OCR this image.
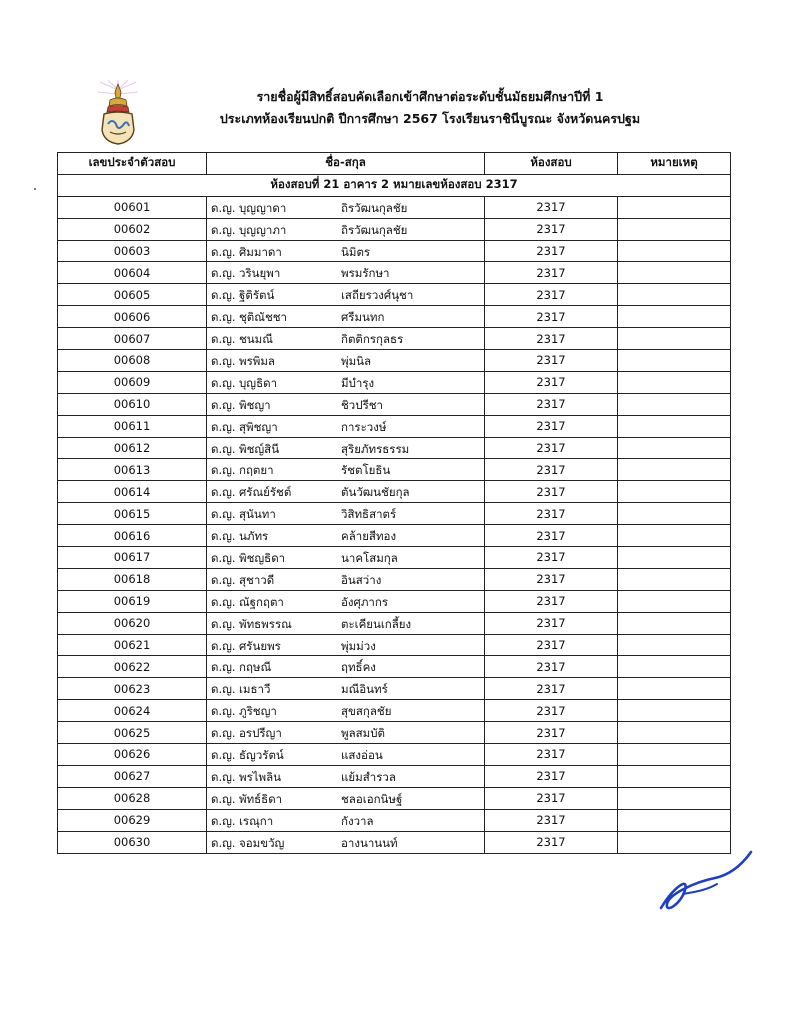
รายชื่อผู้มีสิทธิ์สอบคัดเลือกเข้าศึกษาต่อระดับชั้นมัธยมศึกษาปีที่ 1
ประเภทห้องเรียนปกติ ปีการศึกษา 2567 โรงเรียนราชินีบูรณะ จังหวัดนครปฐม
เลขประจำตัวสอบ	ชื่อ-สกุล	ห้องสอบ	หมายเหตุ
ห้องสอบที่ 21 อาคาร 2 หมายเลขห้องสอบ 2317			
00601	ด.ญ. บุญญาดา ถิรวัฒนกุลชัย	2317	
00602	ด.ญ. บุญญาภา ถิรวัฒนกุลชัย	2317	
00603	ด.ญ. ศิมมาดา นิมิตร	2317	
00604	ด.ญ. วรินยุพา พรมรักษา	2317	
00605	ด.ญ. ฐิติรัตน์ เสถียรวงศ์นุชา	2317	
00606	ด.ญ. ชุติณัชชา ศรีมนทก	2317	
00607	ด.ญ. ชนมณี กิตติกรกุลธร	2317	
00608	ด.ญ. พรพิมล พุ่มนิล	2317	
00609	ด.ญ. บุญธิดา มีบำรุง	2317	
00610	ด.ญ. พิชญา ชิวปรีชา	2317	
00611	ด.ญ. สุพิชญา การะวงษ์	2317	
00612	ด.ญ. พิชญ์สินี สุริยภัทรธรรม	2317	
00613	ด.ญ. กฤตยา รัชตโยธิน	2317	
00614	ด.ญ. ศรัณย์รัชต์ ตันวัฒนชัยกุล	2317	
00615	ด.ญ. สุนันทา วิสิทธิสาตร์	2317	
00616	ด.ญ. นภัทร คล้ายสีทอง	2317	
00617	ด.ญ. พิชญธิดา นาคโสมกุล	2317	
00618	ด.ญ. สุชาวดี อินสว่าง	2317	
00619	ด.ญ. ณัฐกฤตา อังศุภากร	2317	
00620	ด.ญ. พัทธพรรณ ตะเคียนเกลี้ยง	2317	
00621	ด.ญ. ศรันยพร พุ่มม่วง	2317	
00622	ด.ญ. กฤษณี ฤทธิ์คง	2317	
00623	ด.ญ. เมธาวี มณีอินทร์	2317	
00624	ด.ญ. ภูริชญา สุขสกุลชัย	2317	
00625	ด.ญ. อรปรีญา พูลสมบัติ	2317	
00626	ด.ญ. ธัญวรัตน์ แสงอ่อน	2317	
00627	ด.ญ. พรไพลิน แย้มสำรวล	2317	
00628	ด.ญ. พัทธ์ธิดา ชลอเอกนิษฐ์	2317	
00629	ด.ญ. เรณุกา กังวาล	2317	
00630	ด.ญ. จอมขวัญ อางนานนท์	2317	
